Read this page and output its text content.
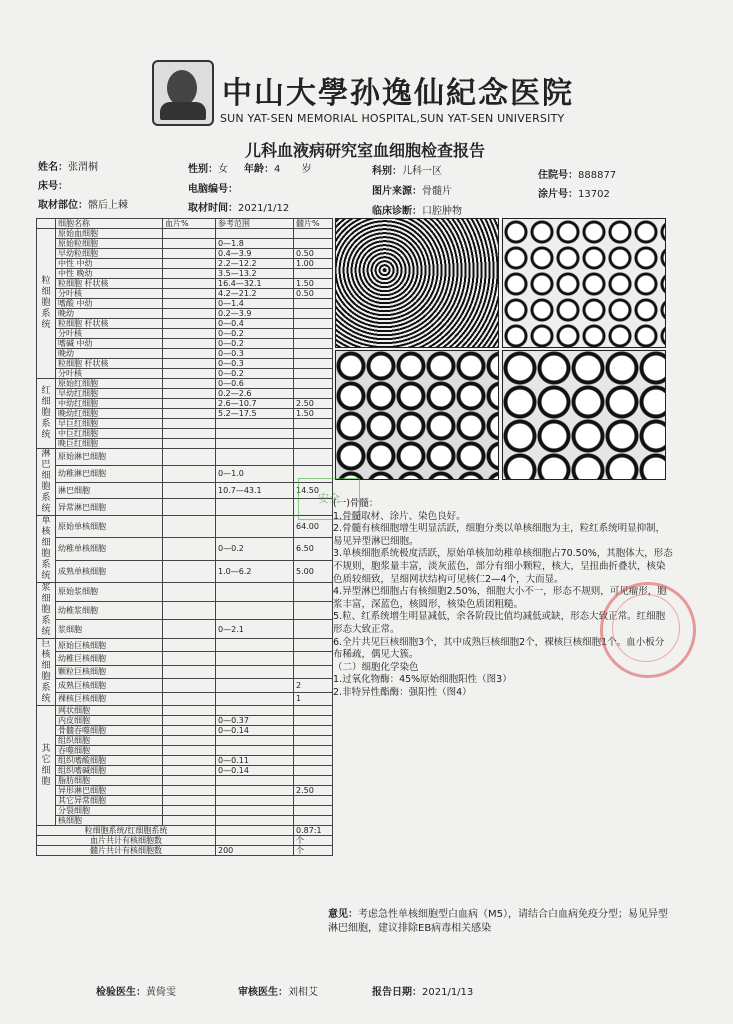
中山大學孙逸仙紀念医院
SUN YAT-SEN MEMORIAL HOSPITAL,SUN YAT-SEN UNIVERSITY
儿科血液病研究室血细胞检查报告
姓名：张渭桐	性别：女 年龄：4 岁	科别：儿科一区	住院号：888877
床号：	电脑编号：	图片来源：骨髓片	涂片号：13702
取材部位：髂后上棘	取材时间：2021/1/12	临床诊断：口腔肿物
	细胞名称	血片%	参考范围	髓片%
粒细胞系统	原始血细胞			
	原始粒细胞		0—1.8	
	早幼粒细胞		0.4—3.9	0.50
	中性 中幼		2.2—12.2	1.00
	中性 晚幼		3.5—13.2	
	粒细胞 杆状核		16.4—32.1	1.50
	分叶核		4.2—21.2	0.50
	嗜酸 中幼		0—1.4	
	晚幼		0.2—3.9	
	粒细胞 杆状核		0—0.4	
	分叶核		0—0.2	
	嗜碱 中幼		0—0.2	
	晚幼		0—0.3	
	粒细胞 杆状核		0—0.3	
	分叶核		0—0.2	
红细胞系统	原始红细胞		0—0.6	
	早幼红细胞		0.2—2.6	
	中幼红细胞		2.6—10.7	2.50
	晚幼红细胞		5.2—17.5	1.50
	早巨红细胞			
	中巨红细胞			
	晚巨红细胞			
淋巴细胞系统	原始淋巴细胞			
	幼稚淋巴细胞		0—1.0	
	淋巴细胞		10.7—43.1	14.50
	异常淋巴细胞			
单核细胞系统	原始单核细胞			64.00
	幼稚单核细胞		0—0.2	6.50
	成熟单核细胞		1.0—6.2	5.00
浆细胞系统	原始浆细胞			
	幼稚浆细胞			
	浆细胞		0—2.1	
巨核细胞系统	原始巨核细胞			
	幼稚巨核细胞			
	颗粒巨核细胞			
	成熟巨核细胞			2
	裸核巨核细胞			1
其它细胞	网状细胞			
	内皮细胞		0—0.37	
	骨髓吞噬细胞		0—0.14	
	组织细胞			
	吞噬细胞			
	组织嗜酸细胞		0—0.11	
	组织嗜碱细胞		0—0.14	
	脂肪细胞			
	异形淋巴细胞			2.50
	其它异常细胞			
	分裂细胞			
	核细胞			
粒细胞系统/红细胞系统				0.87:1
血片共计有核细胞数				个
髓片共计有核细胞数			200	个
安全
(一)骨髓：
1.骨髓取材、涂片、染色良好。
2.骨髓有核细胞增生明显活跃，细胞分类以单核细胞为主，粒红系统明显抑制，易见异型淋巴细胞。
3.单核细胞系统极度活跃，原始单核加幼稚单核细胞占70.50%，其胞体大，形态不规则，胞浆量丰富，淡灰蓝色，部分有细小颗粒，核大，呈扭曲折叠状，核染色质较细致，呈细网状结构可见核仁2—4个，大而显。
4.异型淋巴细胞占有核细胞2.50%，细胞大小不一，形态不规则，可见瘤形，胞浆丰富，深蓝色，核圆形，核染色质团粗糙。
5.粒、红系统增生明显减低，余各阶段比值均减低或缺，形态大致正常。红细胞形态大致正常。
6.全片共见巨核细胞3个，其中成熟巨核细胞2个，裸核巨核细胞1个。血小板分布稀疏，偶见大簇。
（二）细胞化学染色
1.过氧化物酶：45%原始细胞阳性（图3）
2.非特异性酯酶：强阳性（图4）
意见：考虑急性单核细胞型白血病（M5），请结合白血病免疫分型；易见异型淋巴细胞，建议排除EB病毒相关感染
检验医生：黄倚雯	审核医生：刘相艾	报告日期：2021/1/13
